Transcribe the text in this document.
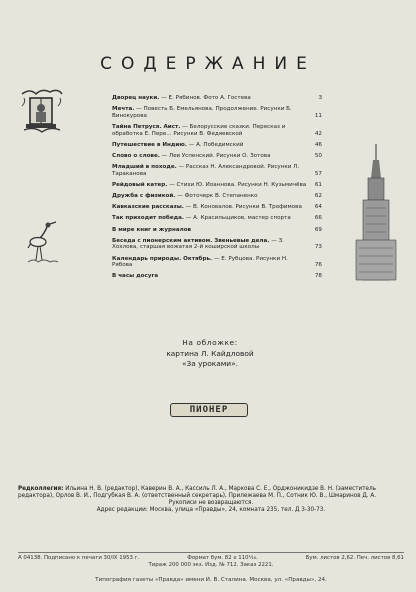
СОДЕРЖАНИЕ
Дворец науки. — Е. Рябинов. Фото А. Гостева	3
Мечта. — Повесть Б. Емельянова. Продолжение. Рисунки Б. Винокурова	11
Тайна Петруся. Аист. — Белорусские сказки. Пересказ и обработка Е. Пере... Рисунки В. Федяевской	42
Путешествие в Индию. — А. Победимский	46
Слово о слове. — Лев Успенский. Рисунки О. Зотова	50
Младший в походе. — Рассказ Н. Александровой. Рисунки Л. Тараканова	57
Рейдовый катер. — Стихи Ю. Иоаннова. Рисунки Н. Кузьмичёва 61
Дружба с физикой. — Фоточерк В. Степаненко	62
Кавказские рассказы. — В. Коновалов. Рисунки В. Трофимова 64
Так приходит победа. — А. Красильщиков, мастер спорта	66
В мире книг и журналов	69
Беседа с пионерским активом. Звеньевые дела. — З. Хохлова, старшая вожатая 2-й коширской школы	73
Календарь природы. Октябрь. — Е. Рубцова. Рисунки Н. Рябова	76
В часы досуга	78
На обложке:
картина Л. Кайдловой
«За уроками».
ПИОНЕР
Редколлегия: Ильина Н. В. (редактор), Каверин В. А., Кассиль Л. А., Маркова С. Е., Орджоникидзе В. Н. (заместитель редактора), Орлов В. И., Подгубкая В. А. (ответственный секретарь), Прилежаева М. П., Сотник Ю. В., Шмаринов Д. А.
Рукописи не возвращаются.
Адрес редакции: Москва, улица «Правды», 24, комната 235, тел. Д 3-30-73.
А 04138. Подписано к печати 30/IX 1953 г.	Формат бум. 82 х 110¹⁄₁₆.	Бум. листов 2,62. Печ. листов 8,61
Тираж 200 000 экз. Изд. № 712. Заказ 2221.
Типография газеты «Правда» имени И. В. Сталина. Москва, ул. «Правды», 24.
